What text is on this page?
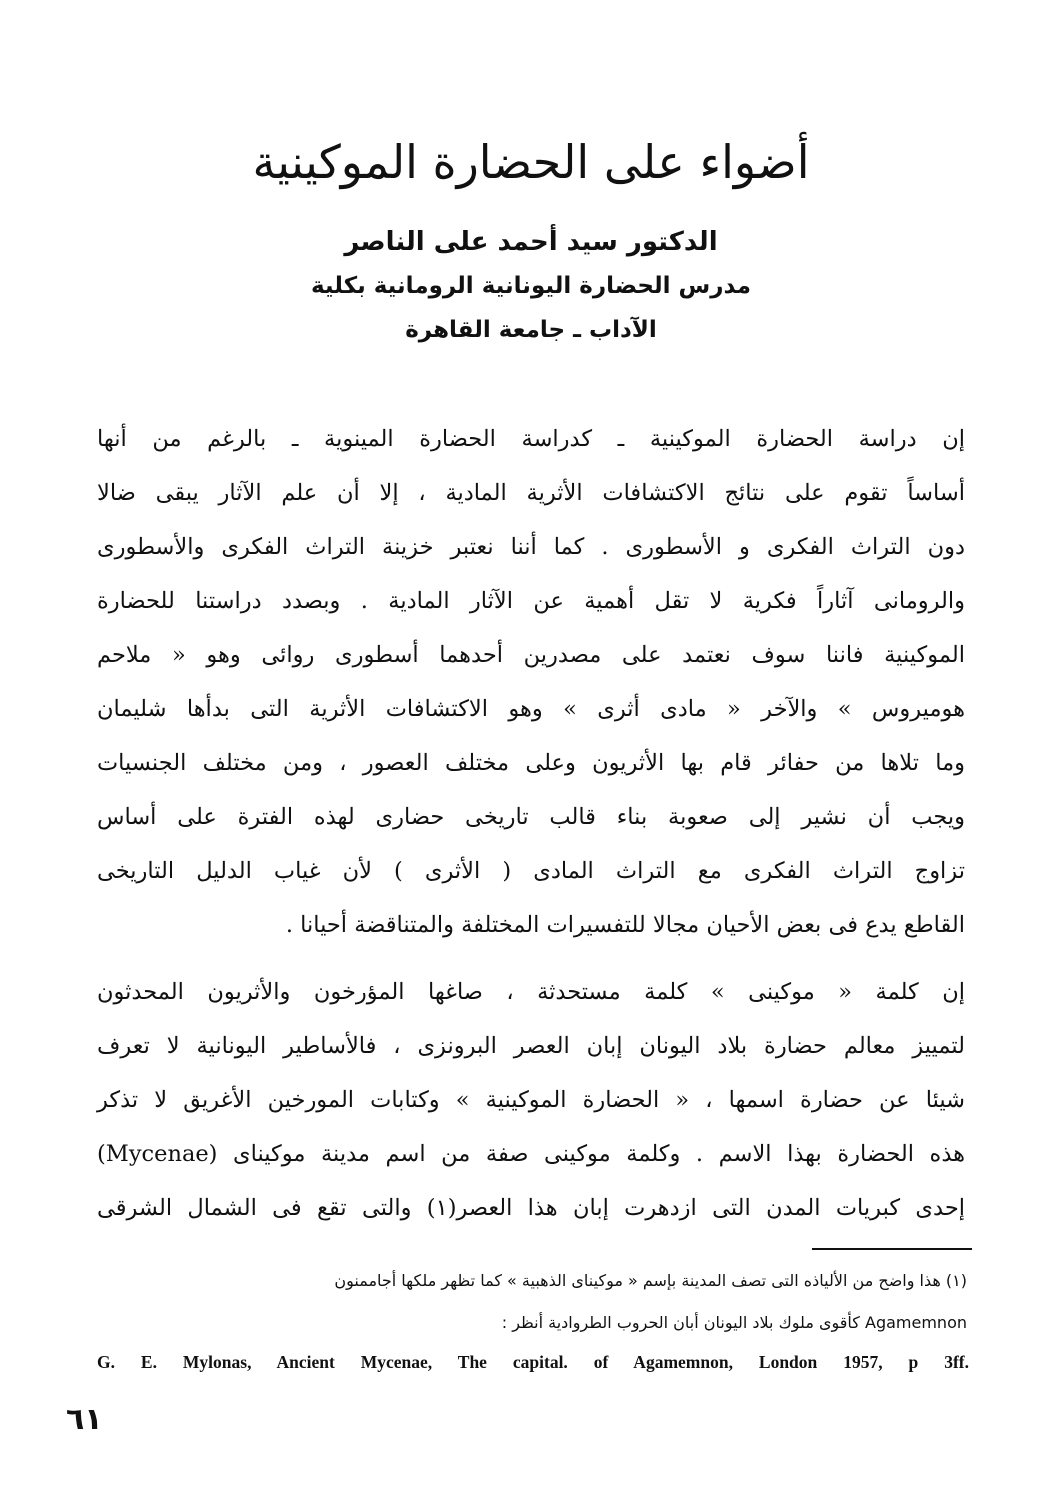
أضواء على الحضارة الموكينية
الدكتور سيد أحمد على الناصر
مدرس الحضارة اليونانية الرومانية بكلية
الآداب ـ جامعة القاهرة

إن دراسة الحضارة الموكينية ـ كدراسة الحضارة المينوية ـ بالرغم من أنها

أساساً تقوم على نتائج الاكتشافات الأثرية المادية ، إلا أن علم الآثار يبقى ضالا

دون التراث الفكرى و الأسطورى . كما أننا نعتبر خزينة التراث الفكرى والأسطورى

والرومانى آثاراً فكرية لا تقل أهمية عن الآثار المادية . وبصدد دراستنا للحضارة

الموكينية فاننا سوف نعتمد على مصدرين أحدهما أسطورى روائى وهو « ملاحم

هوميروس » والآخر « مادى أثرى » وهو الاكتشافات الأثرية التى بدأها شليمان

وما تلاها من حفائر قام بها الأثريون وعلى مختلف العصور ، ومن مختلف الجنسيات

ويجب أن نشير إلى صعوبة بناء قالب تاريخى حضارى لهذه الفترة على أساس

تزاوج التراث الفكرى مع التراث المادى ( الأثرى ) لأن غياب الدليل التاريخى

القاطع يدع فى بعض الأحيان مجالا للتفسيرات المختلفة والمتناقضة أحيانا .

إن كلمة « موكينى » كلمة مستحدثة ، صاغها المؤرخون والأثريون المحدثون

لتمييز معالم حضارة بلاد اليونان إبان العصر البرونزى ، فالأساطير اليونانية لا تعرف

شيئا عن حضارة اسمها ، « الحضارة الموكينية » وكتابات المورخين الأغريق لا تذكر

هذه الحضارة بهذا الاسم . وكلمة موكينى صفة من اسم مدينة موكيناى (Mycenae)

إحدى كبريات المدن التى ازدهرت إبان هذا العصر(١) والتى تقع فى الشمال الشرقى

(١) هذا واضح من الألياذه التى تصف المدينة بإسم « موكيناى الذهبية » كما تظهر ملكها أجاممنون
Agamemnon كأقوى ملوك بلاد اليونان أبان الحروب الطروادية أنظر :
G. E. Mylonas, Ancient Mycenae, The capital. of Agamemnon, London 1957, p 3ff.
٦١
